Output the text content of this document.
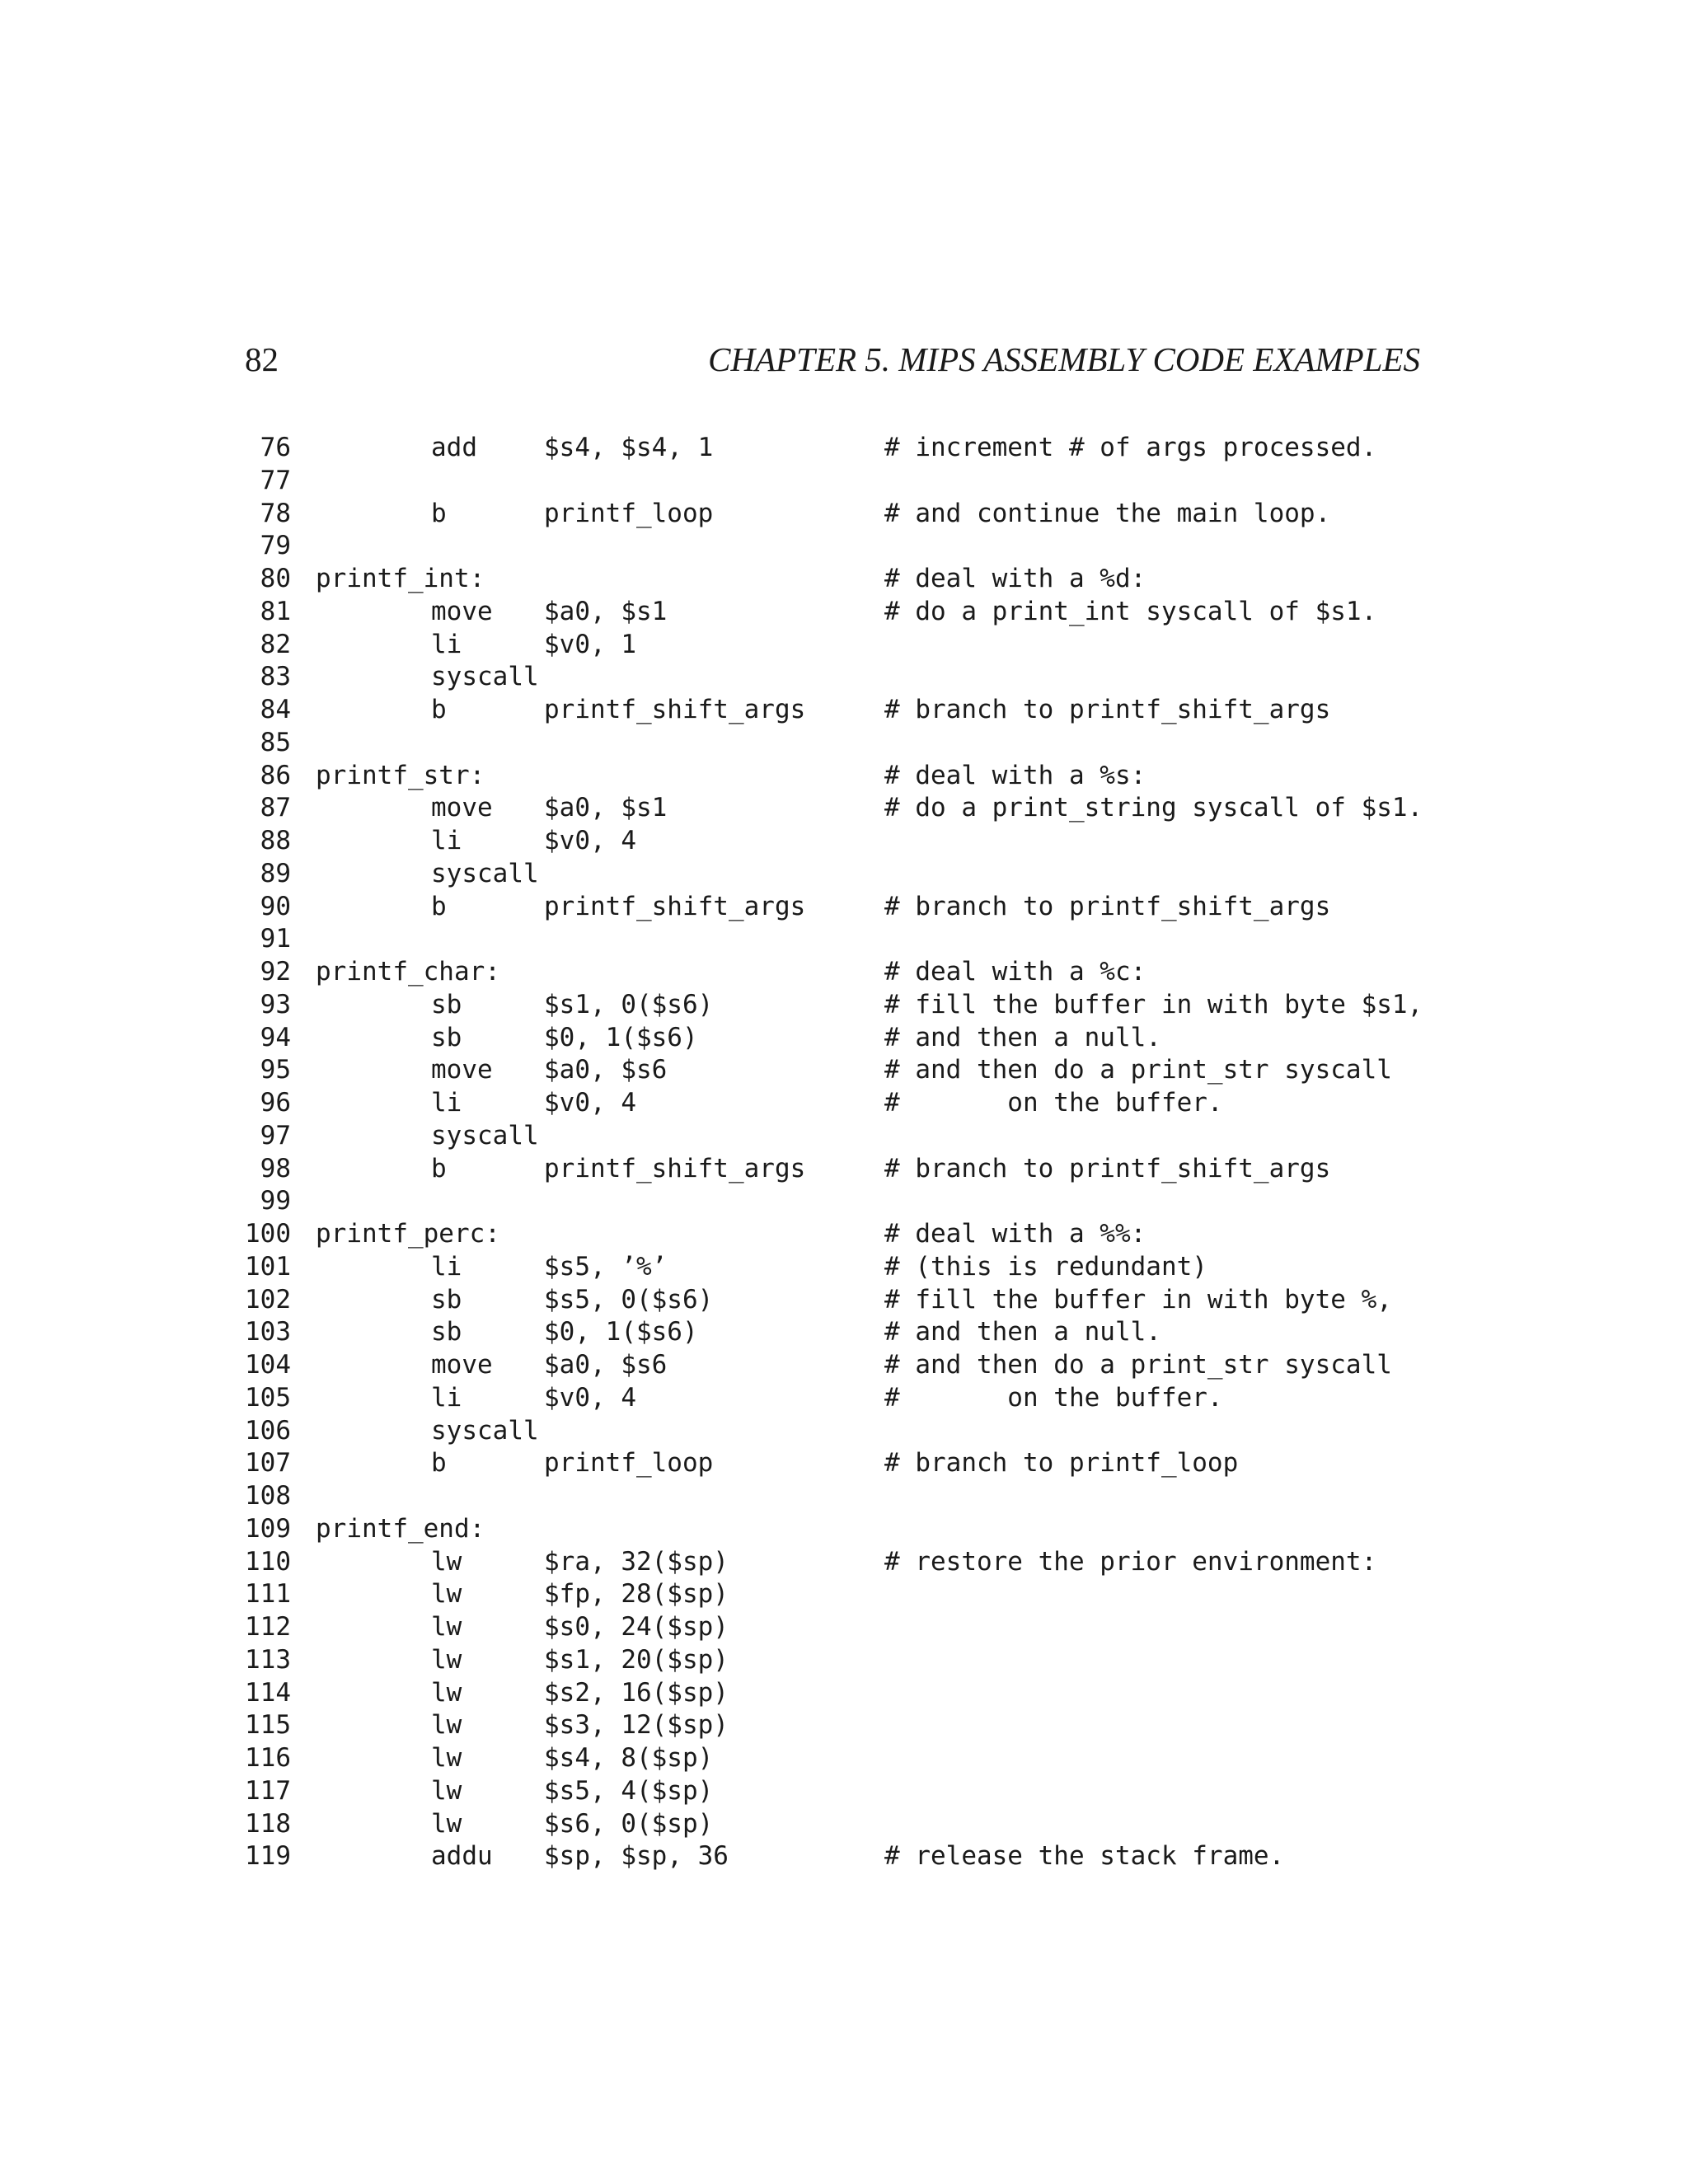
82	CHAPTER 5. MIPS ASSEMBLY CODE EXAMPLES
76	add	$s4, $s4, 1	# increment # of args processed.
77
78	b	printf_loop	# and continue the main loop.
79
80 printf_int:	# deal with a %d:
81	move $a0, $s1	# do a print_int syscall of $s1.
82	li	$v0, 1
83	syscall
84	b	printf_shift_args	# branch to printf_shift_args
85
86 printf_str:	# deal with a %s:
87	move $a0, $s1	# do a print_string syscall of $s1.
88	li	$v0, 4
89	syscall
90	b	printf_shift_args	# branch to printf_shift_args
91
92 printf_char:	# deal with a %c:
93	sb	$s1, 0($s6)	# fill the buffer in with byte $s1,
94	sb	$0, 1($s6)	# and then a null.
95	move $a0, $s6	# and then do a print_str syscall
96	li	$v0, 4	#       on the buffer.
97	syscall
98	b	printf_shift_args	# branch to printf_shift_args
99
100 printf_perc:	# deal with a %%:
101	li	$s5, ’%’	# (this is redundant)
102	sb	$s5, 0($s6)	# fill the buffer in with byte %,
103	sb	$0, 1($s6)	# and then a null.
104	move $a0, $s6	# and then do a print_str syscall
105	li	$v0, 4	#       on the buffer.
106	syscall
107	b	printf_loop	# branch to printf_loop
108
109 printf_end:
110	lw	$ra, 32($sp)	# restore the prior environment:
111	lw	$fp, 28($sp)
112	lw	$s0, 24($sp)
113	lw	$s1, 20($sp)
114	lw	$s2, 16($sp)
115	lw	$s3, 12($sp)
116	lw	$s4, 8($sp)
117	lw	$s5, 4($sp)
118	lw	$s6, 0($sp)
119	addu $sp, $sp, 36	# release the stack frame.
